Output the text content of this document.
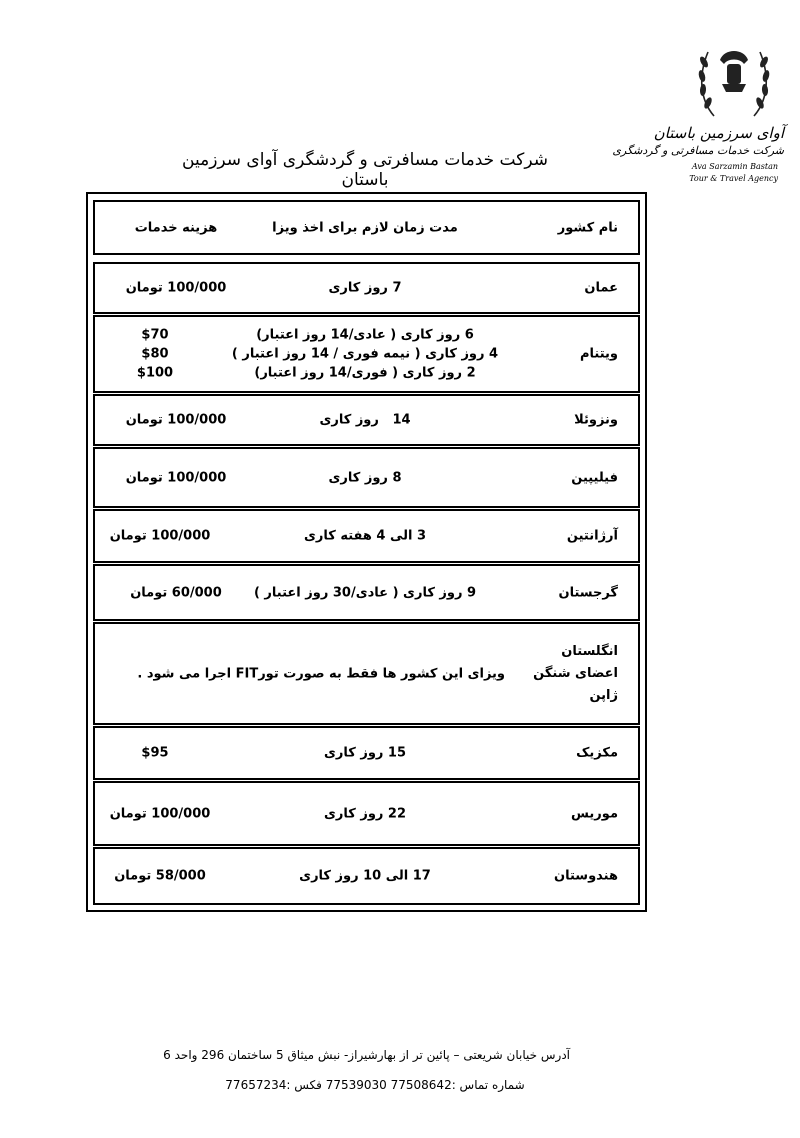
آوای سرزمین باستان
شرکت خدمات مسافرتی و گردشگری
Ava Sarzamin Bastan
Tour & Travel Agency
شرکت خدمات مسافرتی و گردشگری آوای سرزمین باستان
نام کشور
مدت زمان لازم برای اخذ ویزا
هزینه خدمات
عمان
7 روز کاری
100/000 تومان
ویتنام
6 روز کاری ( عادی/14 روز اعتبار)
4 روز کاری ( نیمه فوری / 14 روز اعتبار )
2 روز کاری ( فوری/14 روز اعتبار)
$70
$80
$100
ونزوئلا
14   روز کاری
100/000 تومان
فیلیپین
8 روز کاری
100/000 تومان
آرژانتین
3 الی 4 هفته کاری
100/000 تومان
گرجستان
9 روز کاری ( عادی/30 روز اعتبار )
60/000 تومان
انگلستان
اعضای شنگن
ژاپن
ویزای این کشور ها فقط به صورت تورFIT اجرا می شود .
مکزیک
15 روز کاری
$95
موریس
22 روز کاری
100/000 تومان
هندوستان
17 الی 10 روز کاری
58/000 تومان
آدرس خیابان شریعتی – پائین تر از بهارشیراز- نبش میثاق 5 ساختمان 296 واحد 6
شماره تماس :77508642 77539030 فکس :77657234
